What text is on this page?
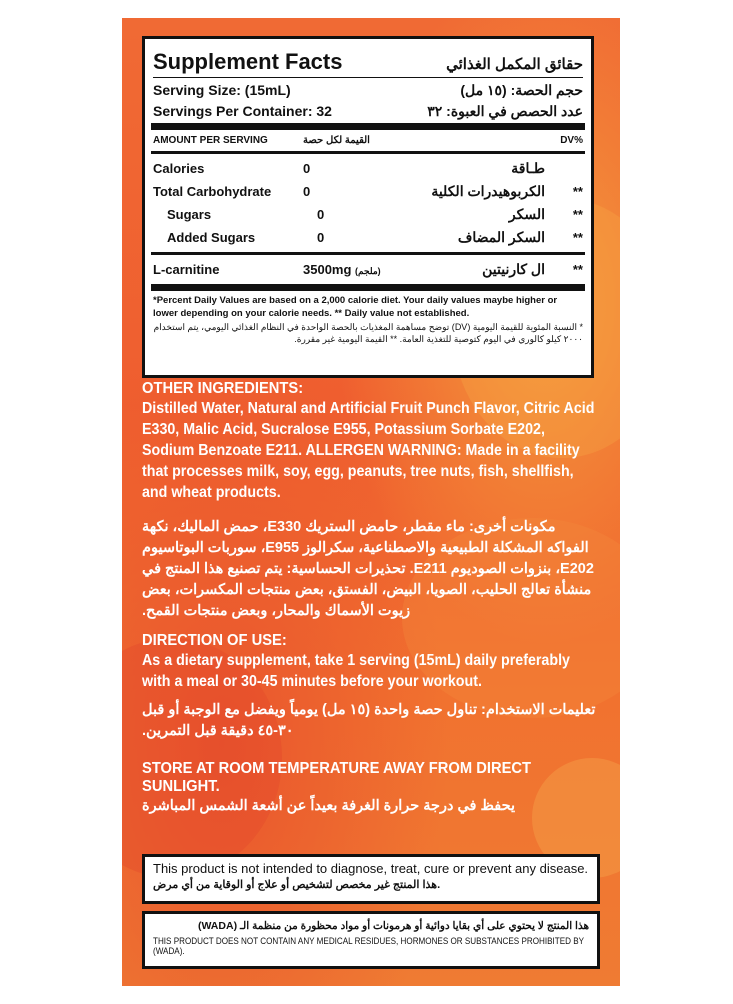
Supplement Facts	حقائق المكمل الغذائي
Serving Size: (15mL)	حجم الحصة: (١٥ مل)
Servings Per Container: 32	عدد الحصص في العبوة: ٣٢
AMOUNT PER SERVING	القيمة لكل حصة	DV%
Calories	0	طـاقة
Total Carbohydrate	0	الكربوهيدرات الكلية	**
Sugars	0	السكر	**
Added Sugars	0	السكر المضاف	**
L-carnitine	3500mg (ملجم)	ال كارنيتين	**
*Percent Daily Values are based on a 2,000 calorie diet. Your daily values maybe higher or lower depending on your calorie needs. ** Daily value not established.
* النسبة المئوية للقيمة اليومية (DV) توضح مساهمة المغذيات بالحصة الواحدة في النظام الغذائي اليومي، يتم استخدام ٢٠٠٠ كيلو كالوري في اليوم كتوصية للتغذية العامة. ** القيمة اليومية غير مقررة.
OTHER INGREDIENTS:
Distilled Water, Natural and Artificial Fruit Punch Flavor, Citric Acid E330, Malic Acid, Sucralose E955, Potassium Sorbate E202, Sodium Benzoate E211. ALLERGEN WARNING: Made in a facility that processes milk, soy, egg, peanuts, tree nuts, fish, shellfish, and wheat products.
مكونات أخرى: ماء مقطر، حامض الستريك E330، حمض الماليك، نكهة الفواكه المشكلة الطبيعية والاصطناعية، سكرالوز E955، سوربات البوتاسيوم E202، بنزوات الصوديوم E211. تحذيرات الحساسية: يتم تصنيع هذا المنتج في منشأة تعالج الحليب، الصويا، البيض، الفستق، بعض منتجات المكسرات، بعض زيوت الأسماك والمحار، وبعض منتجات القمح.
DIRECTION OF USE:
As a dietary supplement, take 1 serving (15mL) daily preferably with a meal or 30-45 minutes before your workout.
تعليمات الاستخدام: تناول حصة واحدة (١٥ مل) يومياً ويفضل مع الوجبة أو قبل ٣٠-٤٥ دقيقة قبل التمرين.
STORE AT ROOM TEMPERATURE AWAY FROM DIRECT SUNLIGHT.
يحفظ في درجة حرارة الغرفة بعيداً عن أشعة الشمس المباشرة
This product is not intended to diagnose, treat, cure or prevent any disease. هذا المنتج غير مخصص لتشخيص أو علاج أو الوقاية من أي مرض.
هذا المنتج لا يحتوي على أي بقايا دوائية أو هرمونات أو مواد محظورة من منظمة الـ (WADA)
THIS PRODUCT DOES NOT CONTAIN ANY MEDICAL RESIDUES, HORMONES OR SUBSTANCES PROHIBITED BY (WADA).
